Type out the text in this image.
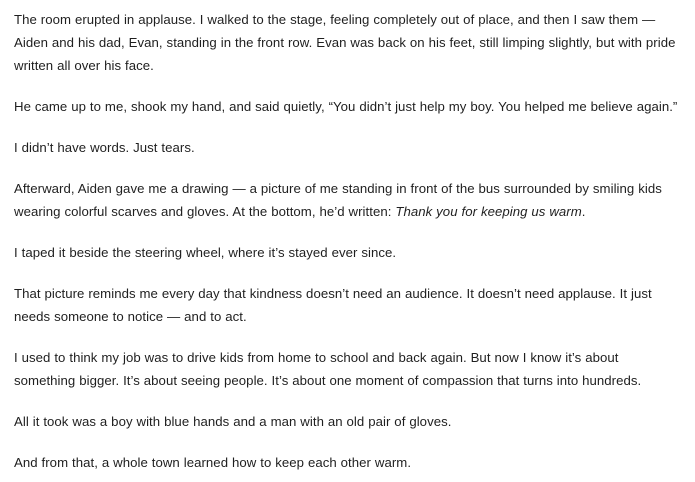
The room erupted in applause. I walked to the stage, feeling completely out of place, and then I saw them — Aiden and his dad, Evan, standing in the front row. Evan was back on his feet, still limping slightly, but with pride written all over his face.

He came up to me, shook my hand, and said quietly, “You didn’t just help my boy. You helped me believe again.”

I didn’t have words. Just tears.

Afterward, Aiden gave me a drawing — a picture of me standing in front of the bus surrounded by smiling kids wearing colorful scarves and gloves. At the bottom, he’d written: Thank you for keeping us warm.

I taped it beside the steering wheel, where it’s stayed ever since.

That picture reminds me every day that kindness doesn’t need an audience. It doesn’t need applause. It just needs someone to notice — and to act.

I used to think my job was to drive kids from home to school and back again. But now I know it’s about something bigger. It’s about seeing people. It’s about one moment of compassion that turns into hundreds.

All it took was a boy with blue hands and a man with an old pair of gloves.

And from that, a whole town learned how to keep each other warm.
